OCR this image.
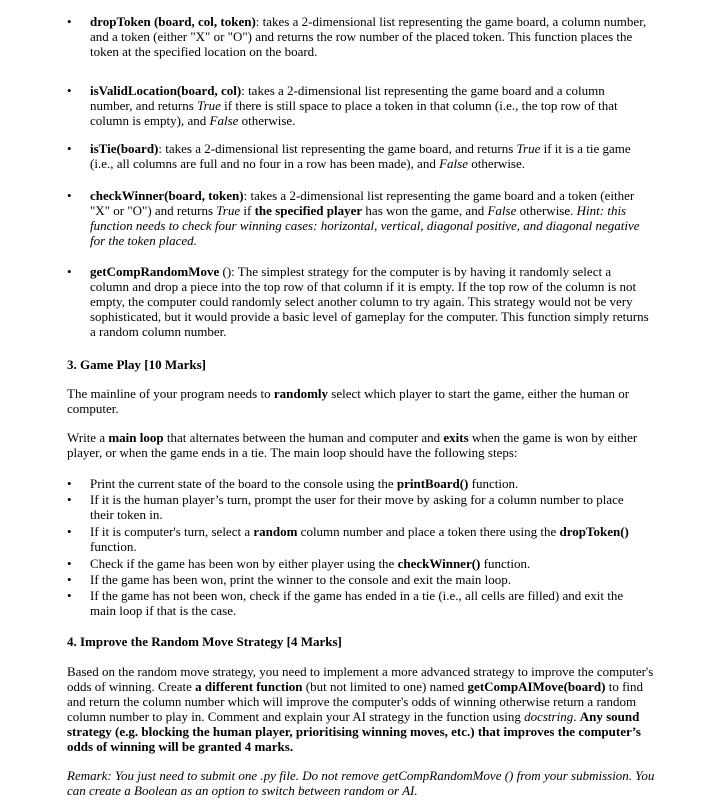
• dropToken (board, col, token): takes a 2-dimensional list representing the game board, a column number, and a token (either "X" or "O") and returns the row number of the placed token. This function places the token at the specified location on the board.
• isValidLocation(board, col): takes a 2-dimensional list representing the game board and a column number, and returns True if there is still space to place a token in that column (i.e., the top row of that column is empty), and False otherwise.
• isTie(board): takes a 2-dimensional list representing the game board, and returns True if it is a tie game (i.e., all columns are full and no four in a row has been made), and False otherwise.
• checkWinner(board, token): takes a 2-dimensional list representing the game board and a token (either "X" or "O") and returns True if the specified player has won the game, and False otherwise. Hint: this function needs to check four winning cases: horizontal, vertical, diagonal positive, and diagonal negative for the token placed.
• getCompRandomMove (): The simplest strategy for the computer is by having it randomly select a column and drop a piece into the top row of that column if it is empty. If the top row of the column is not empty, the computer could randomly select another column to try again. This strategy would not be very sophisticated, but it would provide a basic level of gameplay for the computer. This function simply returns a random column number.
3. Game Play [10 Marks]
The mainline of your program needs to randomly select which player to start the game, either the human or computer.
Write a main loop that alternates between the human and computer and exits when the game is won by either player, or when the game ends in a tie. The main loop should have the following steps:
• Print the current state of the board to the console using the printBoard() function.
• If it is the human player’s turn, prompt the user for their move by asking for a column number to place their token in.
• If it is computer's turn, select a random column number and place a token there using the dropToken() function.
• Check if the game has been won by either player using the checkWinner() function.
• If the game has been won, print the winner to the console and exit the main loop.
• If the game has not been won, check if the game has ended in a tie (i.e., all cells are filled) and exit the main loop if that is the case.
4. Improve the Random Move Strategy [4 Marks]
Based on the random move strategy, you need to implement a more advanced strategy to improve the computer's odds of winning. Create a different function (but not limited to one) named getCompAIMove(board) to find and return the column number which will improve the computer's odds of winning otherwise return a random column number to play in. Comment and explain your AI strategy in the function using docstring. Any sound strategy (e.g. blocking the human player, prioritising winning moves, etc.) that improves the computer’s odds of winning will be granted 4 marks.
Remark: You just need to submit one .py file. Do not remove getCompRandomMove () from your submission. You can create a Boolean as an option to switch between random or AI.
